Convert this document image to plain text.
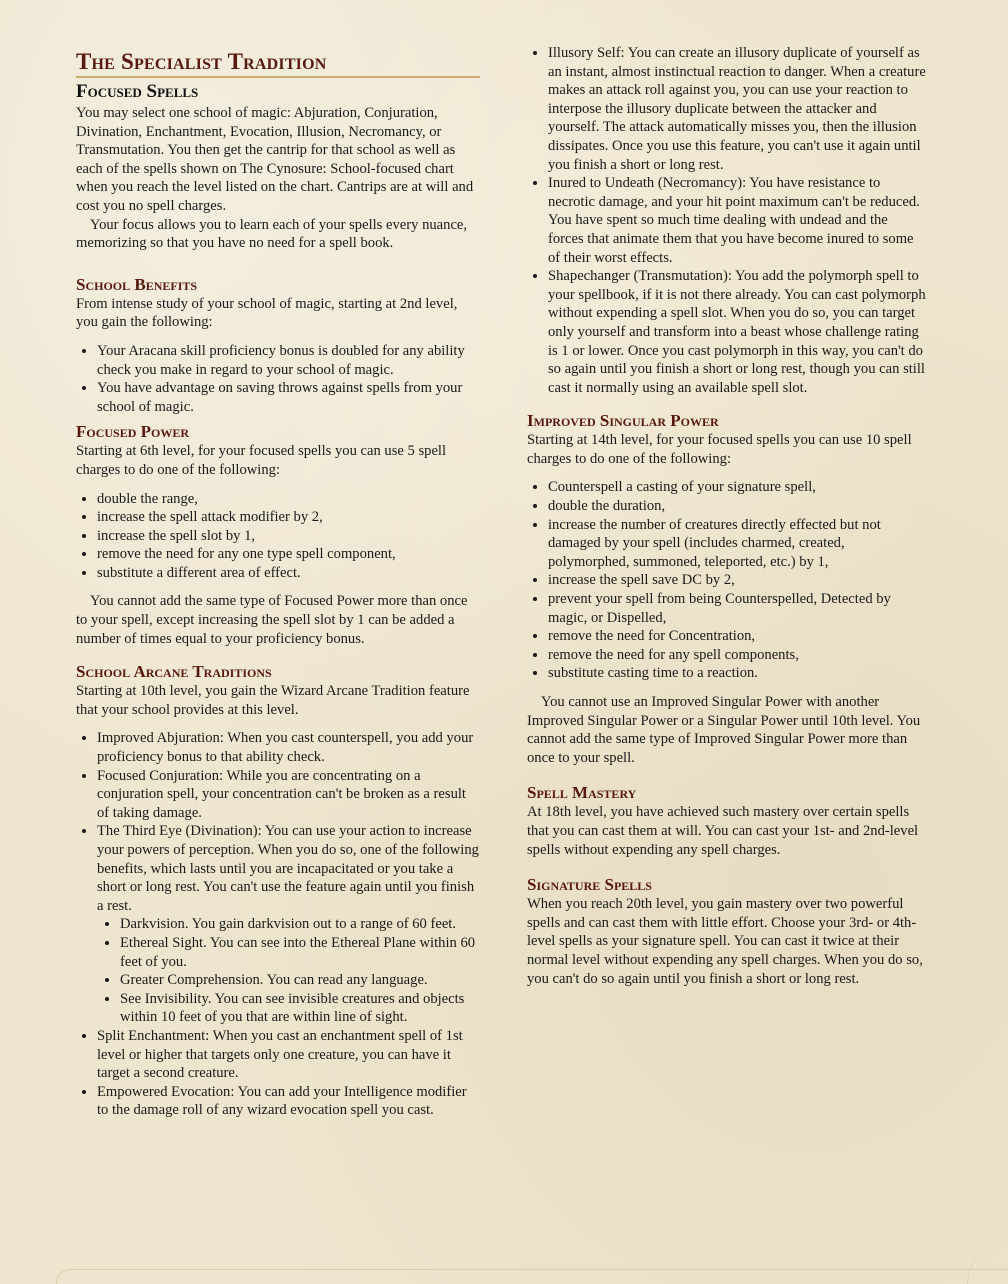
The Specialist Tradition
Focused Spells

You may select one school of magic: Abjuration, Conjuration, Divination, Enchantment, Evocation, Illusion, Necromancy, or Transmutation. You then get the cantrip for that school as well as each of the spells shown on The Cynosure: School-focused chart when you reach the level listed on the chart. Cantrips are at will and cost you no spell charges.

Your focus allows you to learn each of your spells every nuance, memorizing so that you have no need for a spell book.

School Benefits

From intense study of your school of magic, starting at 2nd level, you gain the following:

• Your Aracana skill proficiency bonus is doubled for any ability check you make in regard to your school of magic.
• You have advantage on saving throws against spells from your school of magic.
Focused Power

Starting at 6th level, for your focused spells you can use 5 spell charges to do one of the following:

• double the range,
• increase the spell attack modifier by 2,
• increase the spell slot by 1,
• remove the need for any one type spell component,
• substitute a different area of effect.

You cannot add the same type of Focused Power more than once to your spell, except increasing the spell slot by 1 can be added a number of times equal to your proficiency bonus.

School Arcane Traditions

Starting at 10th level, you gain the Wizard Arcane Tradition feature that your school provides at this level.

• Improved Abjuration: When you cast counterspell, you add your proficiency bonus to that ability check.
• Focused Conjuration: While you are concentrating on a conjuration spell, your concentration can't be broken as a result of taking damage.
• The Third Eye (Divination): You can use your action to increase your powers of perception. When you do so, one of the following benefits, which lasts until you are incapacitated or you take a short or long rest. You can't use the feature again until you finish a rest.
• Darkvision. You gain darkvision out to a range of 60 feet.
• Ethereal Sight. You can see into the Ethereal Plane within 60 feet of you.
• Greater Comprehension. You can read any language.
• See Invisibility. You can see invisible creatures and objects within 10 feet of you that are within line of sight.
• Split Enchantment: When you cast an enchantment spell of 1st level or higher that targets only one creature, you can have it target a second creature.
• Empowered Evocation: You can add your Intelligence modifier to the damage roll of any wizard evocation spell you cast.
• Illusory Self: You can create an illusory duplicate of yourself as an instant, almost instinctual reaction to danger. When a creature makes an attack roll against you, you can use your reaction to interpose the illusory duplicate between the attacker and yourself. The attack automatically misses you, then the illusion dissipates. Once you use this feature, you can't use it again until you finish a short or long rest.
• Inured to Undeath (Necromancy): You have resistance to necrotic damage, and your hit point maximum can't be reduced. You have spent so much time dealing with undead and the forces that animate them that you have become inured to some of their worst effects.
• Shapechanger (Transmutation): You add the polymorph spell to your spellbook, if it is not there already. You can cast polymorph without expending a spell slot. When you do so, you can target only yourself and transform into a beast whose challenge rating is 1 or lower. Once you cast polymorph in this way, you can't do so again until you finish a short or long rest, though you can still cast it normally using an available spell slot.
Improved Singular Power

Starting at 14th level, for your focused spells you can use 10 spell charges to do one of the following:

• Counterspell a casting of your signature spell,
• double the duration,
• increase the number of creatures directly effected but not damaged by your spell (includes charmed, created, polymorphed, summoned, teleported, etc.) by 1,
• increase the spell save DC by 2,
• prevent your spell from being Counterspelled, Detected by magic, or Dispelled,
• remove the need for Concentration,
• remove the need for any spell components,
• substitute casting time to a reaction.

You cannot use an Improved Singular Power with another Improved Singular Power or a Singular Power until 10th level. You cannot add the same type of Improved Singular Power more than once to your spell.

Spell Mastery

At 18th level, you have achieved such mastery over certain spells that you can cast them at will. You can cast your 1st- and 2nd-level spells without expending any spell charges.

Signature Spells

When you reach 20th level, you gain mastery over two powerful spells and can cast them with little effort. Choose your 3rd- or 4th-level spells as your signature spell. You can cast it twice at their normal level without expending any spell charges. When you do so, you can't do so again until you finish a short or long rest.
